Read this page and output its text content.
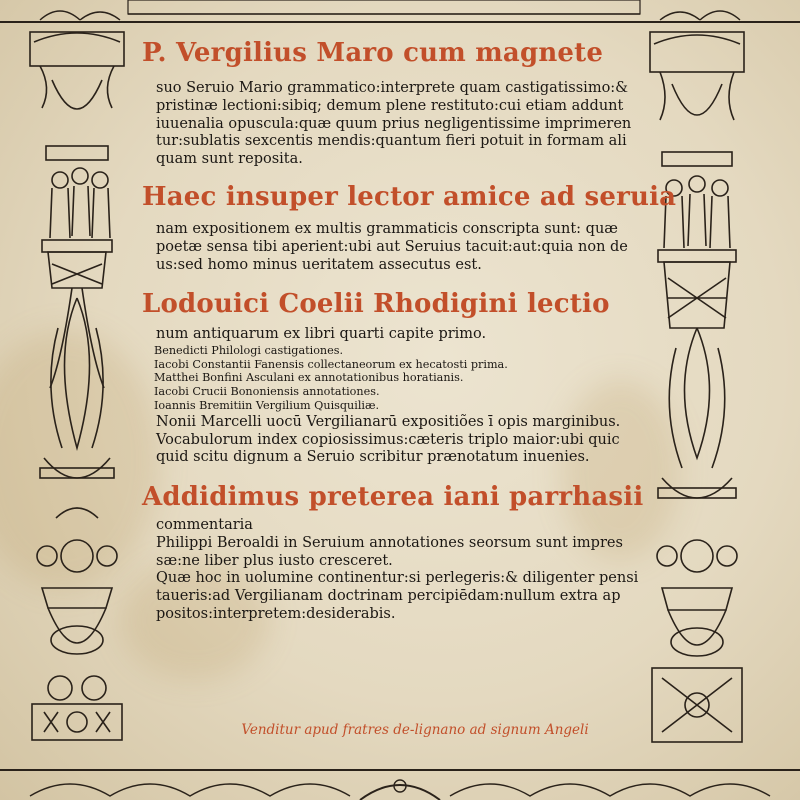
P. Vergilius Maro cum magnete
suo Seruio Mario grammatico:interprete quam castigatissimo:&
pristinæ lectioni:sibiq; demum plene restituto:cui etiam addunt
iuuenalia opuscula:quæ quum prius negligentissime imprimeren
tur:sublatis sexcentis mendis:quantum fieri potuit in formam ali
quam sunt reposita.
Haec insuper lector amice ad seruia
nam expositionem ex multis grammaticis conscripta sunt: quæ
poetæ sensa tibi aperient:ubi aut Seruius tacuit:aut:quia non de
us:sed homo minus ueritatem assecutus est.
Lodouici Coelii Rhodigini lectio
num antiquarum ex libri quarti capite primo.
Benedicti Philologi castigationes.
Iacobi Constantii Fanensis collectaneorum ex hecatosti prima.
Matthei Bonfini Asculani ex annotationibus horatianis.
Iacobi Crucii Bononiensis annotationes.
Ioannis Bremitiin Vergilium Quisquiliæ.
Nonii Marcelli uocū Vergilianarū expositiões ī opis marginibus.
Vocabulorum index copiosissimus:cæteris triplo maior:ubi quic
quid scitu dignum a Seruio scribitur prænotatum inuenies.
Addidimus preterea iani parrhasii
commentaria
Philippi Beroaldi in Seruium annotationes seorsum sunt impres
sæ:ne liber plus iusto cresceret.
Quæ hoc in uolumine continentur:si perlegeris:& diligenter pensi
taueris:ad Vergilianam doctrinam percipiēdam:nullum extra ap
positos:interpretem:desiderabis.
Venditur apud fratres de-lignano ad signum Angeli
